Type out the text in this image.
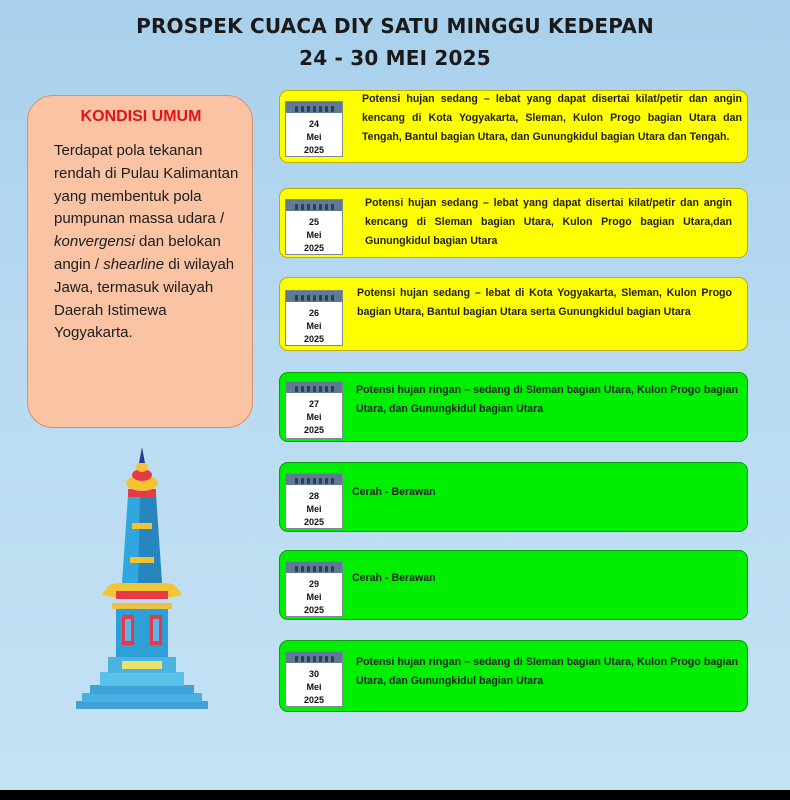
PROSPEK CUACA DIY SATU MINGGU KEDEPAN
24 - 30 MEI 2025
KONDISI UMUM
Terdapat pola tekanan rendah di Pulau Kalimantan yang membentuk pola pumpunan massa udara / konvergensi dan belokan angin / shearline di wilayah Jawa, termasuk wilayah Daerah Istimewa Yogyakarta.
24
Mei
2025
Potensi hujan sedang – lebat yang dapat disertai kilat/petir dan angin kencang di Kota Yogyakarta, Sleman, Kulon Progo bagian Utara dan Tengah, Bantul bagian Utara, dan Gunungkidul bagian Utara dan Tengah.
25
Mei
2025
Potensi hujan sedang – lebat yang dapat disertai kilat/petir dan angin kencang di Sleman bagian Utara, Kulon Progo bagian Utara,dan Gunungkidul bagian Utara
26
Mei
2025
Potensi hujan sedang – lebat di Kota Yogyakarta, Sleman, Kulon Progo bagian Utara, Bantul bagian Utara serta Gunungkidul bagian Utara
27
Mei
2025
Potensi hujan ringan – sedang di Sleman bagian Utara, Kulon Progo bagian Utara, dan Gunungkidul bagian Utara
28
Mei
2025
Cerah - Berawan
29
Mei
2025
Cerah - Berawan
30
Mei
2025
Potensi hujan ringan – sedang di Sleman bagian Utara, Kulon Progo bagian Utara, dan Gunungkidul bagian Utara
